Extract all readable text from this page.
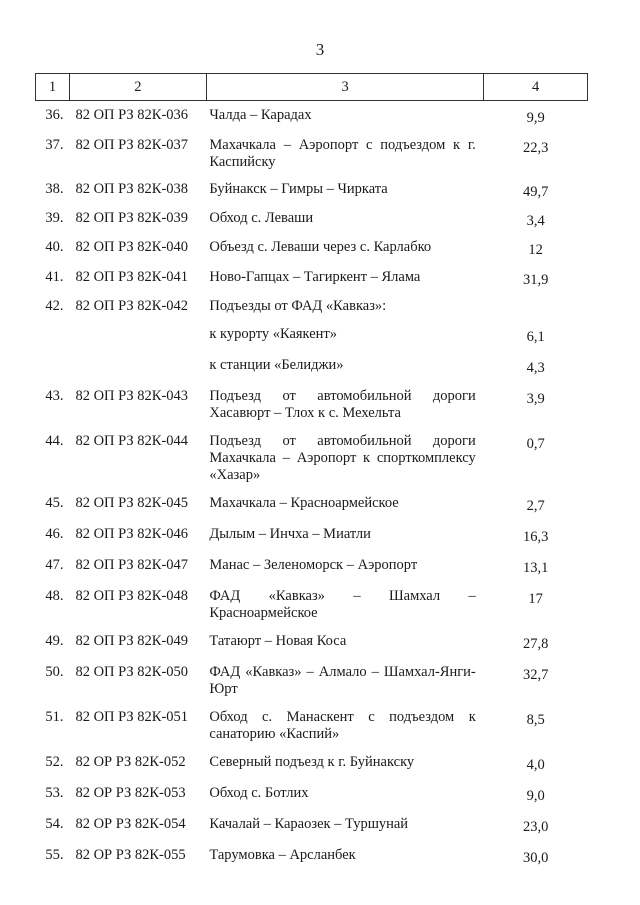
3
1	2	3	4
36.	82 ОП РЗ 82К-036	Чалда – Карадах	9,9
37.	82 ОП РЗ 82К-037	Махачкала – Аэропорт с подъездом к г. Каспийску	22,3
38.	82 ОП РЗ 82К-038	Буйнакск – Гимры – Чирката	49,7
39.	82 ОП РЗ 82К-039	Обход с. Леваши	3,4
40.	82 ОП РЗ 82К-040	Объезд с. Леваши через с. Карлабко	12
41.	82 ОП РЗ 82К-041	Ново-Гапцах – Тагиркент – Ялама	31,9
42.	82 ОП РЗ 82К-042	Подъезды от ФАД «Кавказ»:	
		к курорту «Каякент»	6,1
		к станции «Белиджи»	4,3
43.	82 ОП РЗ 82К-043	Подъезд от автомобильной дороги Хасавюрт – Тлох к с. Мехельта	3,9
44.	82 ОП РЗ 82К-044	Подъезд от автомобильной дороги Махачкала – Аэропорт к спорткомплексу «Хазар»	0,7
45.	82 ОП РЗ 82К-045	Махачкала – Красноармейское	2,7
46.	82 ОП РЗ 82К-046	Дылым – Инчха – Миатли	16,3
47.	82 ОП РЗ 82К-047	Манас – Зеленоморск – Аэропорт	13,1
48.	82 ОП РЗ 82К-048	ФАД «Кавказ» – Шамхал – Красноармейское	17
49.	82 ОП РЗ 82К-049	Татаюрт – Новая Коса	27,8
50.	82 ОП РЗ 82К-050	ФАД «Кавказ» – Алмало – Шамхал-Янги-Юрт	32,7
51.	82 ОП РЗ 82К-051	Обход с. Манаскент с подъездом к санаторию «Каспий»	8,5
52.	82 ОР РЗ 82К-052	Северный подъезд к г. Буйнакску	4,0
53.	82 ОР РЗ 82К-053	Обход с. Ботлих	9,0
54.	82 ОР РЗ 82К-054	Качалай – Караозек – Туршунай	23,0
55.	82 ОР РЗ 82К-055	Тарумовка – Арсланбек	30,0
